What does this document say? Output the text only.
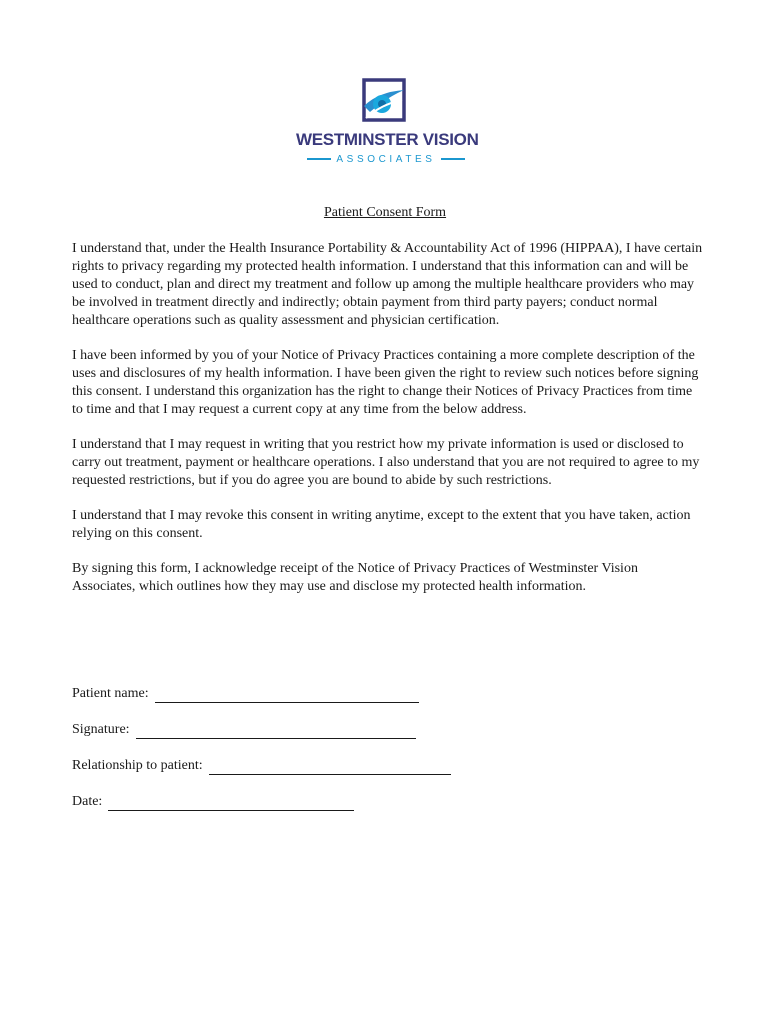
WESTMINSTER VISION
ASSOCIATES
Patient Consent Form

I understand that, under the Health Insurance Portability & Accountability Act of 1996 (HIPPAA), I have certain rights to privacy regarding my protected health information. I understand that this information can and will be used to conduct, plan and direct my treatment and follow up among the multiple healthcare providers who may be involved in treatment directly and indirectly; obtain payment from third party payers; conduct normal healthcare operations such as quality assessment and physician certification.

I have been informed by you of your Notice of Privacy Practices containing a more complete description of the uses and disclosures of my health information. I have been given the right to review such notices before signing this consent. I understand this organization has the right to change their Notices of Privacy Practices from time to time and that I may request a current copy at any time from the below address.

I understand that I may request in writing that you restrict how my private information is used or disclosed to carry out treatment, payment or healthcare operations. I also understand that you are not required to agree to my requested restrictions, but if you do agree you are bound to abide by such restrictions.

I understand that I may revoke this consent in writing anytime, except to the extent that you have taken, action relying on this consent.

By signing this form, I acknowledge receipt of the Notice of Privacy Practices of Westminster Vision Associates, which outlines how they may use and disclose my protected health information.

Patient name:
Signature:
Relationship to patient:
Date:
